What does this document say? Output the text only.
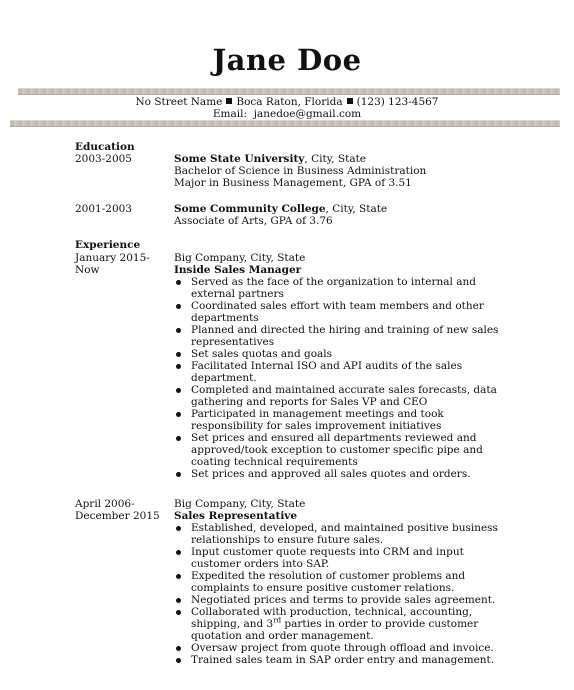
Jane Doe
No Street Name Boca Raton, Florida (123) 123-4567
Email: janedoe@gmail.com
Education
2003-2005	Some State University, City, State
Bachelor of Science in Business Administration
Major in Business Management, GPA of 3.51
2001-2003	Some Community College, City, State
Associate of Arts, GPA of 3.76
Experience
January 2015-
Now
Big Company, City, State
Inside Sales Manager
Served as the face of the organization to internal and external partners
Coordinated sales effort with team members and other departments
Planned and directed the hiring and training of new sales representatives
Set sales quotas and goals
Facilitated Internal ISO and API audits of the sales department.
Completed and maintained accurate sales forecasts, data gathering and reports for Sales VP and CEO
Participated in management meetings and took responsibility for sales improvement initiatives
Set prices and ensured all departments reviewed and approved/took exception to customer specific pipe and coating technical requirements
Set prices and approved all sales quotes and orders.
April 2006-
December 2015
Big Company, City, State
Sales Representative
Established, developed, and maintained positive business relationships to ensure future sales.
Input customer quote requests into CRM and input customer orders into SAP.
Expedited the resolution of customer problems and complaints to ensure positive customer relations.
Negotiated prices and terms to provide sales agreement.
Collaborated with production, technical, accounting, shipping, and 3rd parties in order to provide customer quotation and order management.
Oversaw project from quote through offload and invoice.
Trained sales team in SAP order entry and management.
